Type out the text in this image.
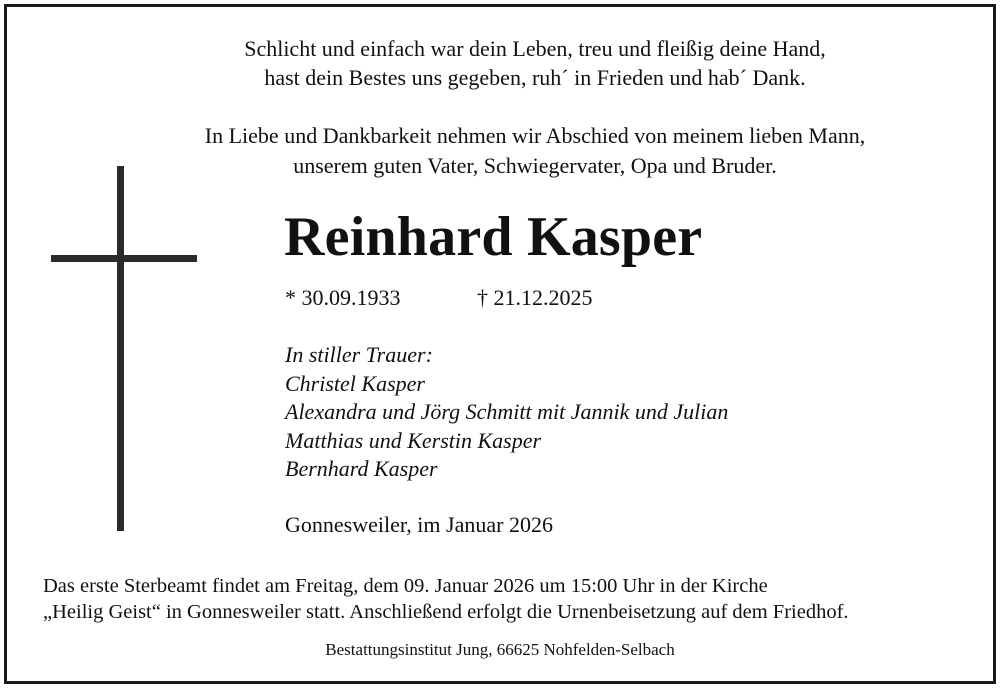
Schlicht und einfach war dein Leben, treu und fleißig deine Hand,
hast dein Bestes uns gegeben, ruh´ in Frieden und hab´ Dank.
In Liebe und Dankbarkeit nehmen wir Abschied von meinem lieben Mann,
unserem guten Vater, Schwiegervater, Opa und Bruder.
Reinhard Kasper
* 30.09.1933	† 21.12.2025
In stiller Trauer:
Christel Kasper
Alexandra und Jörg Schmitt mit Jannik und Julian
Matthias und Kerstin Kasper
Bernhard Kasper
Gonnesweiler, im Januar 2026
Das erste Sterbeamt findet am Freitag, dem 09. Januar 2026 um 15:00 Uhr in der Kirche
„Heilig Geist“ in Gonnesweiler statt. Anschließend erfolgt die Urnenbeisetzung auf dem Friedhof.
Bestattungsinstitut Jung, 66625 Nohfelden-Selbach
